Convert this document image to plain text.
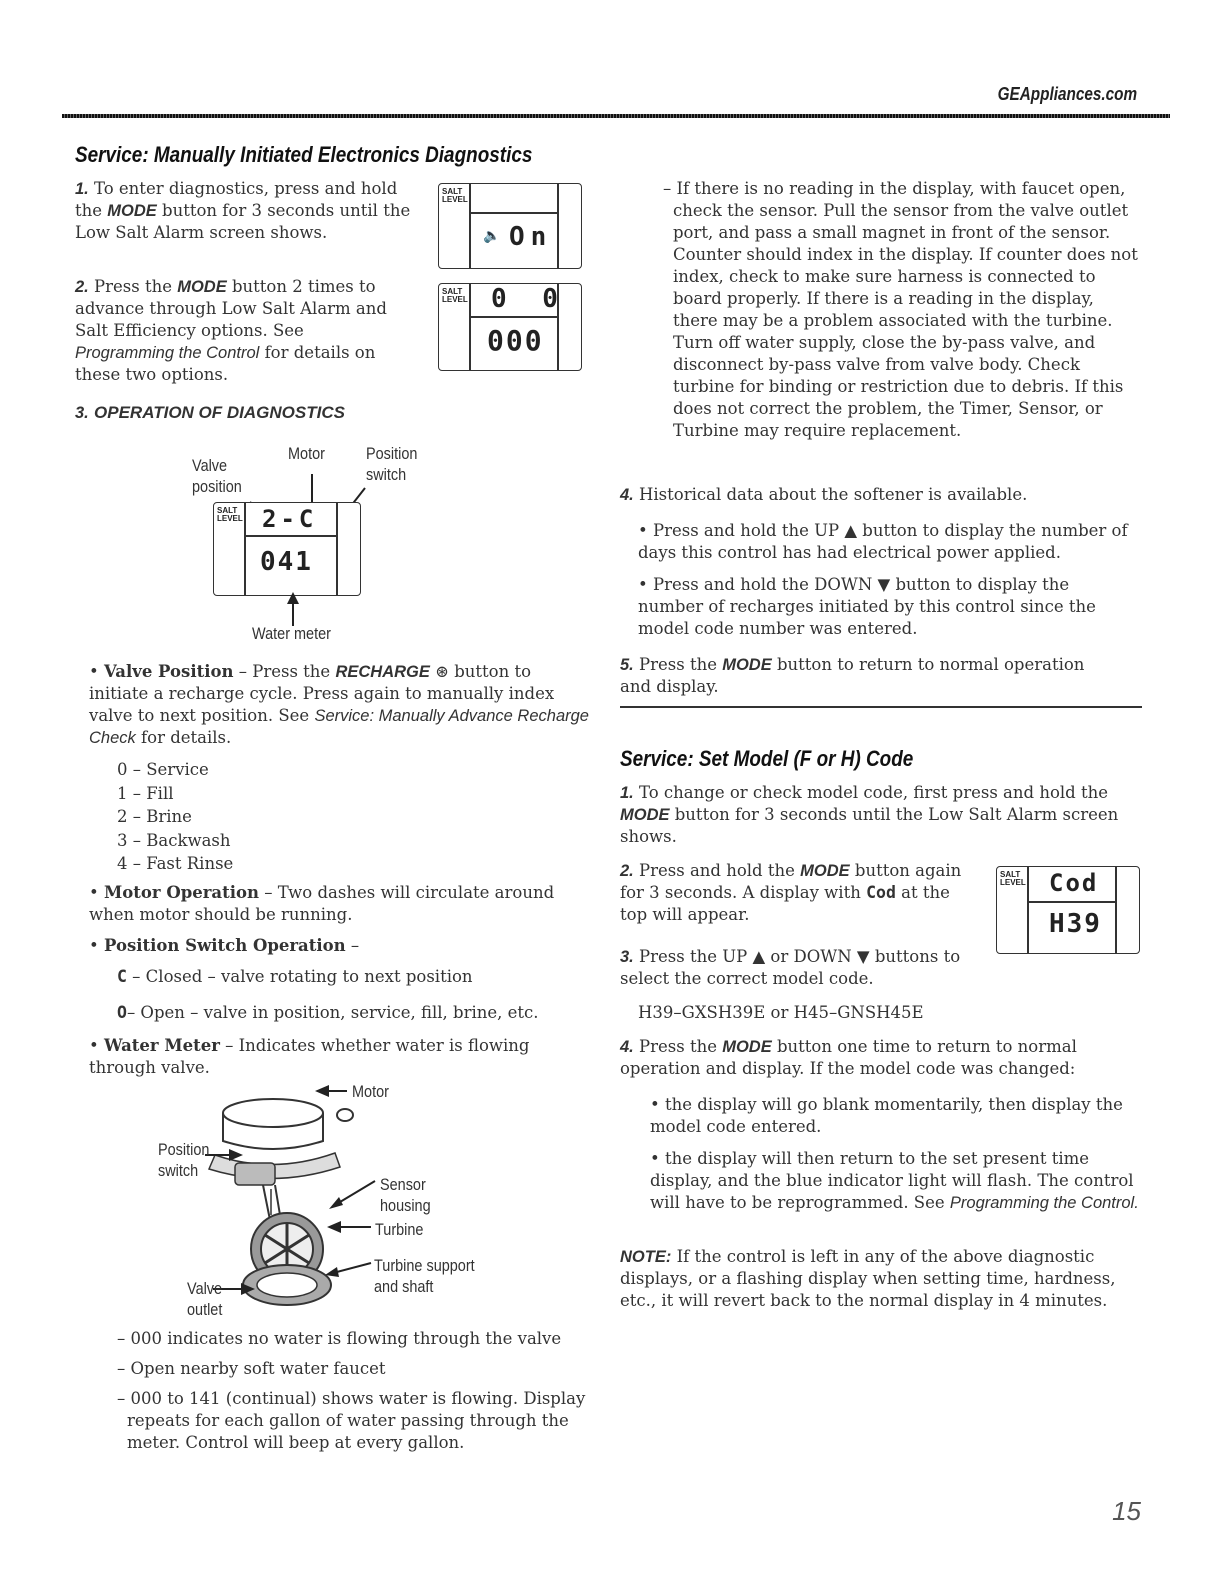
GEAppliances.com
Service: Manually Initiated Electronics Diagnostics
1. To enter diagnostics, press and hold the MODE button for 3 seconds until the Low Salt Alarm screen shows.
2. Press the MODE button 2 times to advance through Low Salt Alarm and Salt Efficiency options. See Programming the Control for details on these two options.
SALT
LEVEL
🔈 On
SALT
LEVEL 0 0
000
3. OPERATION OF DIAGNOSTICS
Valve
position
Motor Position
switch
SALT
LEVEL 2-C
041
Water meter
• Valve Position – Press the RECHARGE ⊛ button to initiate a recharge cycle. Press again to manually index valve to next position. See Service: Manually Advance Recharge Check for details.
0 – Service
1 – Fill
2 – Brine
3 – Backwash
4 – Fast Rinse
• Motor Operation – Two dashes will circulate around when motor should be running.
• Position Switch Operation –
C – Closed – valve rotating to next position
O– Open – valve in position, service, fill, brine, etc.
• Water Meter – Indicates whether water is flowing through valve.
Motor
Position
switch
Sensor
housing
Turbine
Turbine support
and shaft
Valve
outlet
– 000 indicates no water is flowing through the valve
– Open nearby soft water faucet
– 000 to 141 (continual) shows water is flowing. Display repeats for each gallon of water passing through the meter. Control will beep at every gallon.
– If there is no reading in the display, with faucet open, check the sensor. Pull the sensor from the valve outlet port, and pass a small magnet in front of the sensor. Counter should index in the display. If counter does not index, check to make sure harness is connected to board properly. If there is a reading in the display, there may be a problem associated with the turbine. Turn off water supply, close the by-pass valve, and disconnect by-pass valve from valve body. Check turbine for binding or restriction due to debris. If this does not correct the problem, the Timer, Sensor, or Turbine may require replacement.
4. Historical data about the softener is available.
• Press and hold the UP ▲ button to display the number of days this control has had electrical power applied.
• Press and hold the DOWN ▼ button to display the number of recharges initiated by this control since the model code number was entered.
5. Press the MODE button to return to normal operation and display.
Service: Set Model (F or H) Code
1. To change or check model code, first press and hold the MODE button for 3 seconds until the Low Salt Alarm screen shows.
2. Press and hold the MODE button again for 3 seconds. A display with Cod at the top will appear.
SALT
LEVEL Cod
H39
3. Press the UP ▲ or DOWN ▼ buttons to select the correct model code.
H39–GXSH39E or H45–GNSH45E
4. Press the MODE button one time to return to normal operation and display. If the model code was changed:
• the display will go blank momentarily, then display the model code entered.
• the display will then return to the set present time display, and the blue indicator light will flash. The control will have to be reprogrammed. See Programming the Control.
NOTE: If the control is left in any of the above diagnostic displays, or a flashing display when setting time, hardness, etc., it will revert back to the normal display in 4 minutes.
15
